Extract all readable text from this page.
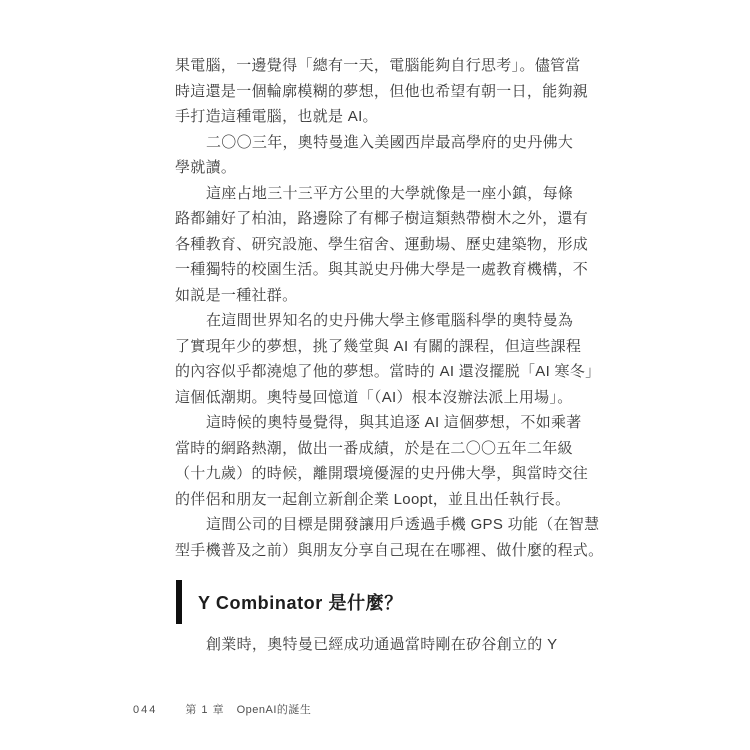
果電腦，一邊覺得「總有一天，電腦能夠自行思考」。儘管當
時這還是一個輪廓模糊的夢想，但他也希望有朝一日，能夠親
手打造這種電腦，也就是 AI。
二〇〇三年，奧特曼進入美國西岸最高學府的史丹佛大
學就讀。
這座占地三十三平方公里的大學就像是一座小鎮，每條
路都鋪好了柏油，路邊除了有椰子樹這類熱帶樹木之外，還有
各種教育、研究設施、學生宿舍、運動場、歷史建築物，形成
一種獨特的校園生活。與其説史丹佛大學是一處教育機構，不
如説是一種社群。
在這間世界知名的史丹佛大學主修電腦科學的奧特曼為
了實現年少的夢想，挑了幾堂與 AI 有關的課程，但這些課程
的內容似乎都澆熄了他的夢想。當時的 AI 還沒擺脱「AI 寒冬」
這個低潮期。奧特曼回憶道「（AI）根本沒辦法派上用場」。
這時候的奧特曼覺得，與其追逐 AI 這個夢想，不如乘著
當時的網路熱潮，做出一番成績，於是在二〇〇五年二年級
（十九歲）的時候，離開環境優渥的史丹佛大學，與當時交往
的伴侶和朋友一起創立新創企業 Loopt，並且出任執行長。
這間公司的目標是開發讓用戶透過手機 GPS 功能（在智慧
型手機普及之前）與朋友分享自己現在在哪裡、做什麼的程式。
Y Combinator 是什麼？
創業時，奧特曼已經成功通過當時剛在矽谷創立的 Y
044	第 1 章 OpenAI的誕生
